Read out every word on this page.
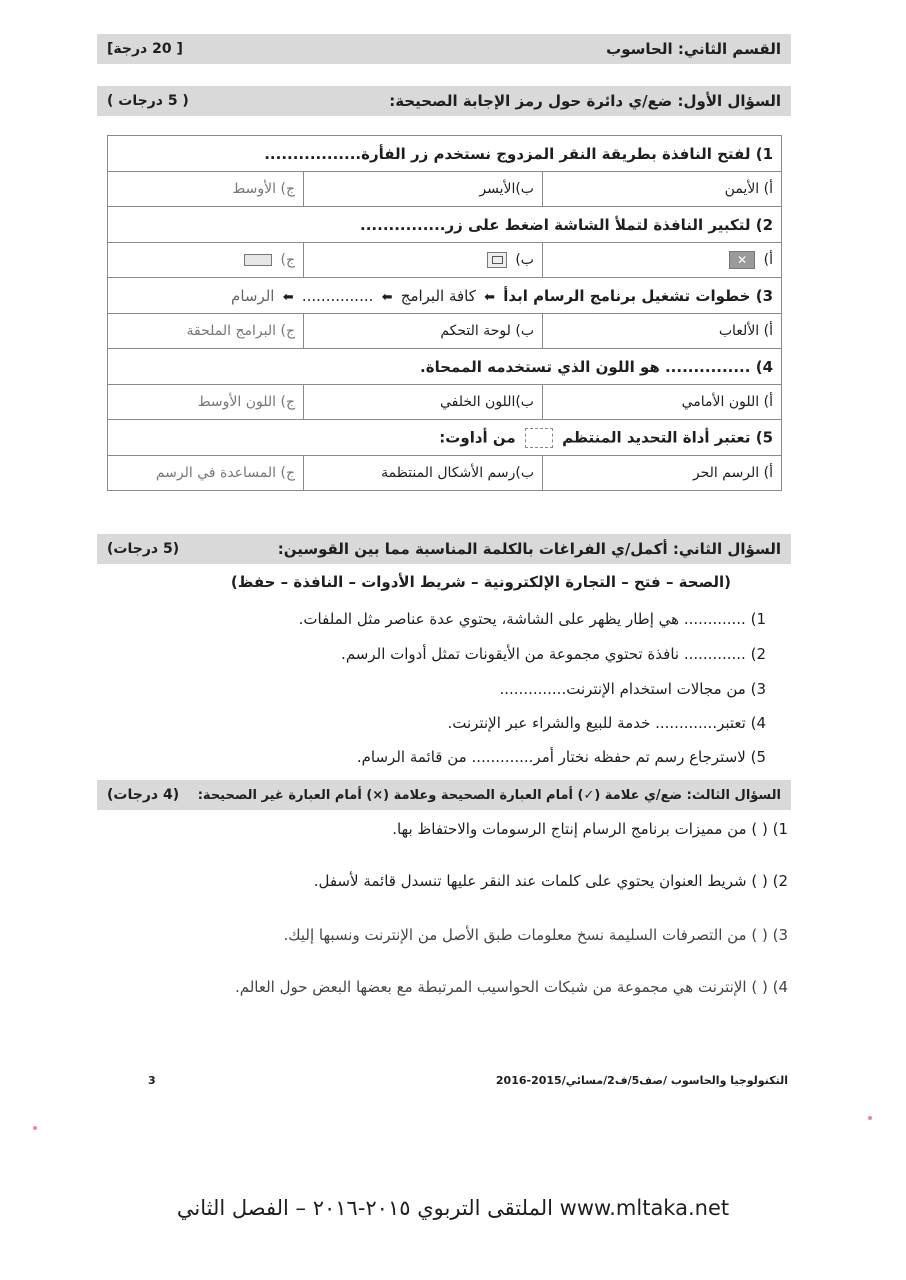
القسم الثاني: الحاسوب
[ 20 درجة]
السؤال الأول: ضع/ي دائرة حول رمز الإجابة الصحيحة:
( 5 درجات )
1) لفتح النافذة بطريقة النقر المزدوج نستخدم زر الفأرة.................		
أ) الأيمن	ب)الأيسر	ج) الأوسط
2) لتكبير النافذة لتملأ الشاشة اضغط على زر...............		
أ) ✕	ب)	ج)
3) خطوات تشغيل برنامج الرسام ابدأ ⬅ كافة البرامج ⬅ ............... ⬅ الرسام		
أ) الألعاب	ب) لوحة التحكم	ج) البرامج الملحقة
4) ............... هو اللون الذي تستخدمه الممحاة.		
أ) اللون الأمامي	ب)اللون الخلفي	ج) اللون الأوسط
5) تعتبر أداة التحديد المنتظم  من أداوت:		
أ) الرسم الحر	ب)رسم الأشكال المنتظمة	ج) المساعدة في الرسم
السؤال الثاني: أكمل/ي الفراغات بالكلمة المناسبة مما بين القوسين:
(5 درجات)
(الصحة – فتح – التجارة الإلكترونية – شريط الأدوات – النافذة – حفظ)
1) ............. هي إطار يظهر على الشاشة، يحتوي عدة عناصر مثل الملفات.
2) ............. نافذة تحتوي مجموعة من الأيقونات تمثل أدوات الرسم.
3) من مجالات استخدام الإنترنت..............
4) تعتبر............. خدمة للبيع والشراء عبر الإنترنت.
5) لاسترجاع رسم تم حفظه نختار أمر............. من قائمة الرسام.
السؤال الثالث: ضع/ي علامة (✓) أمام العبارة الصحيحة وعلامة (×) أمام العبارة غير الصحيحة:
(4 درجات)
1) ( ) من مميزات برنامج الرسام إنتاج الرسومات والاحتفاظ بها.
2) ( ) شريط العنوان يحتوي على كلمات عند النقر عليها تنسدل قائمة لأسفل.
3) ( ) من التصرفات السليمة نسخ معلومات طبق الأصل من الإنترنت ونسبها إليك.
4) ( ) الإنترنت هي مجموعة من شبكات الحواسيب المرتبطة مع بعضها البعض حول العالم.
3	التكنولوجيا والحاسوب /صف5/ف2/مسائي/2015-2016
www.mltaka.net الملتقى التربوي ٢٠١٥-٢٠١٦ – الفصل الثاني
